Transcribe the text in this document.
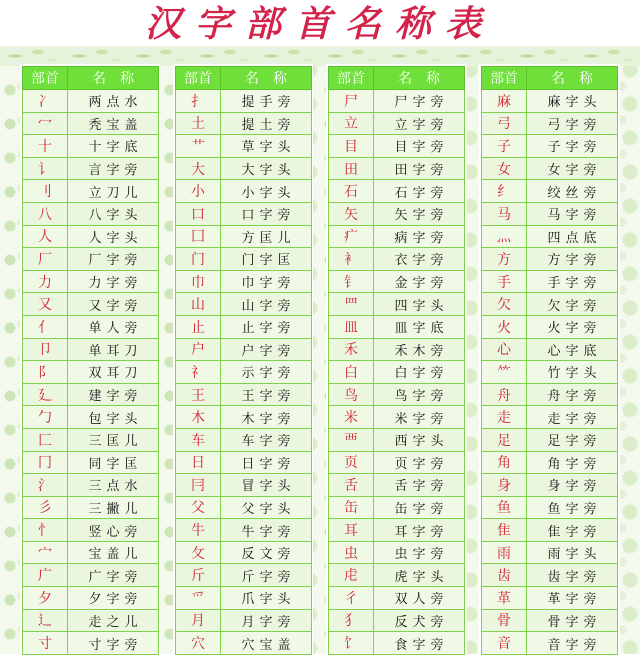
汉字部首名称表
部首	名称
冫	两点水
冖	秃宝盖
十	十字底
讠	言字旁
刂	立刀儿
八	八字头
人	人字头
厂	厂字旁
力	力字旁
又	又字旁
亻	单人旁
卩	单耳刀
阝	双耳刀
廴	建字旁
勹	包字头
匚	三匡儿
冂	同字匡
氵	三点水
彡	三撇儿
忄	竖心旁
宀	宝盖儿
广	广字旁
夕	夕字旁
辶	走之儿
寸	寸字旁
部首	名称
扌	提手旁
土	提土旁
艹	草字头
大	大字头
小	小字头
口	口字旁
囗	方匡儿
门	门字匡
巾	巾字旁
山	山字旁
止	止字旁
户	户字旁
礻	示字旁
王	王字旁
木	木字旁
车	车字旁
日	日字旁
冃	冒字头
父	父字头
牛	牛字旁
攵	反文旁
斤	斤字旁
爫	爪字头
月	月字旁
穴	穴宝盖
部首	名称
尸	尸字旁
立	立字旁
目	目字旁
田	田字旁
石	石字旁
矢	矢字旁
疒	病字旁
衤	衣字旁
钅	金字旁
罒	四字头
皿	皿字底
禾	禾木旁
白	白字旁
鸟	鸟字旁
米	米字旁
覀	西字头
页	页字旁
舌	舌字旁
缶	缶字旁
耳	耳字旁
虫	虫字旁
虍	虎字头
彳	双人旁
犭	反犬旁
饣	食字旁
部首	名称
麻	麻字头
弓	弓字旁
子	子字旁
女	女字旁
纟	绞丝旁
马	马字旁
灬	四点底
方	方字旁
手	手字旁
欠	欠字旁
火	火字旁
心	心字底
⺮	竹字头
舟	舟字旁
走	走字旁
足	足字旁
角	角字旁
身	身字旁
鱼	鱼字旁
隹	隹字旁
雨	雨字头
齿	齿字旁
革	革字旁
骨	骨字旁
音	音字旁
